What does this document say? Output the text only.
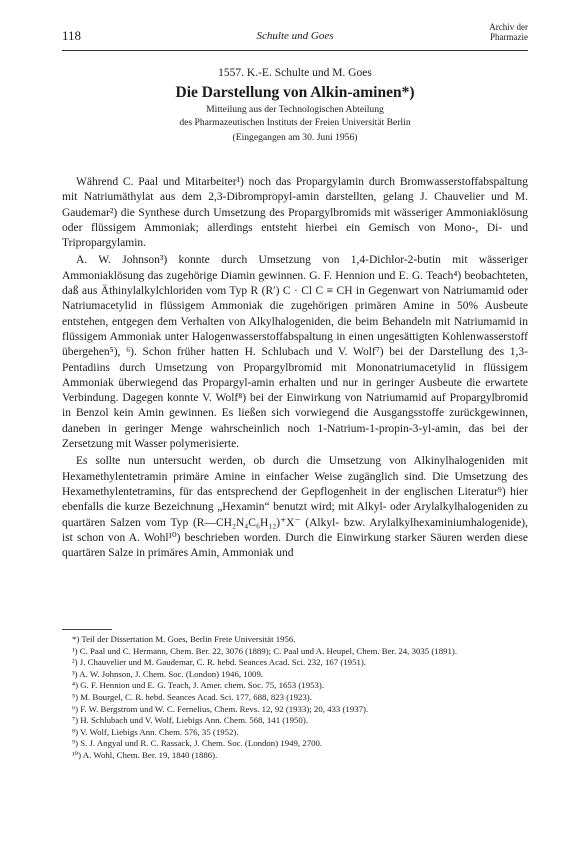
118	Schulte und Goes
Archiv der
Pharmazie
1557. K.-E. Schulte und M. Goes
Die Darstellung von Alkin-aminen*)
Mitteilung aus der Technologischen Abteilung
des Pharmazeutischen Instituts der Freien Universität Berlin
(Eingegangen am 30. Juni 1956)

Während C. Paal und Mitarbeiter¹) noch das Propargylamin durch Bromwasserstoffabspaltung mit Natriumäthylat aus dem 2,3-Dibrompropyl-amin darstellten, gelang J. Chauvelier und M. Gaudemar²) die Synthese durch Umsetzung des Propargylbromids mit wässeriger Ammoniaklösung oder flüssigem Ammoniak; allerdings entsteht hierbei ein Gemisch von Mono-, Di- und Tripropargylamin.

A. W. Johnson³) konnte durch Umsetzung von 1,4-Dichlor-2-butin mit wässeriger Ammoniaklösung das zugehörige Diamin gewinnen. G. F. Hennion und E. G. Teach⁴) beobachteten, daß aus Äthinylalkylchloriden vom Typ R (R′) C · Cl C ≡ CH in Gegenwart von Natriumamid oder Natriumacetylid in flüssigem Ammoniak die zugehörigen primären Amine in 50% Ausbeute entstehen, entgegen dem Verhalten von Alkylhalogeniden, die beim Behandeln mit Natriumamid in flüssigem Ammoniak unter Halogenwasserstoffabspaltung in einen ungesättigten Kohlenwasserstoff übergehen⁵), ⁶). Schon früher hatten H. Schlubach und V. Wolf⁷) bei der Darstellung des 1,3-Pentadiins durch Umsetzung von Propargylbromid mit Mononatriumacetylid in flüssigem Ammoniak überwiegend das Propargyl-amin erhalten und nur in geringer Ausbeute die erwartete Verbindung. Dagegen konnte V. Wolf⁸) bei der Einwirkung von Natriumamid auf Propargylbromid in Benzol kein Amin gewinnen. Es ließen sich vorwiegend die Ausgangsstoffe zurückgewinnen, daneben in geringer Menge wahrscheinlich noch 1-Natrium-1-propin-3-yl-amin, das bei der Zersetzung mit Wasser polymerisierte.

Es sollte nun untersucht werden, ob durch die Umsetzung von Alkinylhalogeniden mit Hexamethylentetramin primäre Amine in einfacher Weise zugänglich sind. Die Umsetzung des Hexamethylentetramins, für das entsprechend der Gepflogenheit in der englischen Literatur⁹) hier ebenfalls die kurze Bezeichnung „Hexamin“ benutzt wird; mit Alkyl- oder Arylalkylhalogeniden zu quartären Salzen vom Typ (R—CH₂N₄C₆H₁₂)⁺X⁻ (Alkyl- bzw. Arylalkylhexaminiumhalogenide), ist schon von A. Wohl¹⁰) beschrieben worden. Durch die Einwirkung starker Säuren werden diese quartären Salze in primäres Amin, Ammoniak und

*) Teil der Dissertation M. Goes, Berlin Freie Universität 1956.

¹) C. Paal und C. Hermann, Chem. Ber. 22, 3076 (1889); C. Paal und A. Heupel, Chem. Ber. 24, 3035 (1891).

²) J. Chauvelier und M. Gaudemar, C. R. hebd. Seances Acad. Sci. 232, 167 (1951).

³) A. W. Johnson, J. Chem. Soc. (London) 1946, 1009.

⁴) G. F. Hennion und E. G. Teach, J. Amer. chem. Soc. 75, 1653 (1953).

⁵) M. Bourgel, C. R. hebd. Seances Acad. Sci. 177, 688, 823 (1923).

⁶) F. W. Bergstrom und W. C. Fernelius, Chem. Revs. 12, 92 (1933); 20, 433 (1937).

⁷) H. Schlubach und V. Wolf, Liebigs Ann. Chem. 568, 141 (1950).

⁸) V. Wolf, Liebigs Ann. Chem. 576, 35 (1952).

⁹) S. J. Angyal und R. C. Rassack, J. Chem. Soc. (London) 1949, 2700.

¹⁰) A. Wohl, Chem. Ber. 19, 1840 (1886).
